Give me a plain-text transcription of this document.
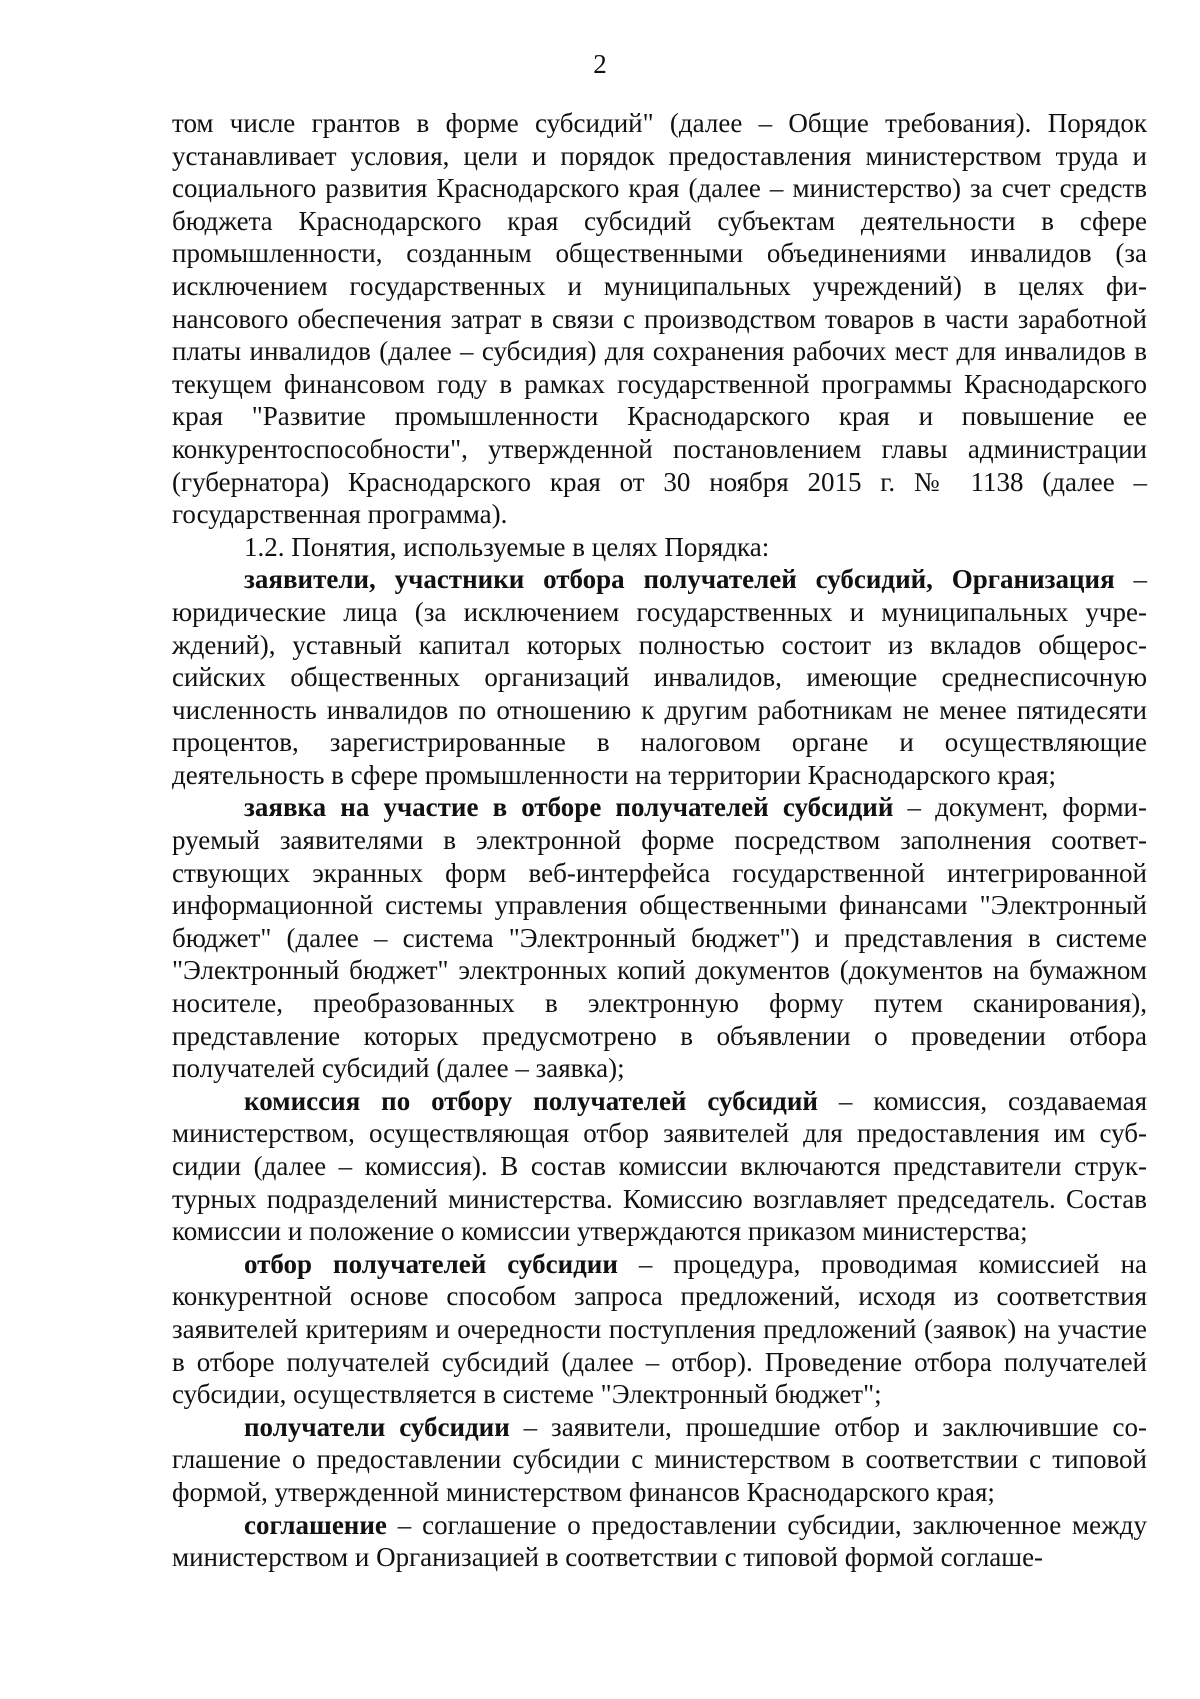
2

том числе грантов в форме субсидий" (далее – Общие требования). Порядок устанавливает условия, цели и порядок предоставления министерством труда и социального развития Краснодарского края (далее – министерство) за счет средств бюджета Краснодарского края субсидий субъектам деятельности в сфере промышленности, созданным общественными объединениями инвалидов (за исключением государственных и муниципальных учреждений) в целях финансового обеспечения затрат в связи с производством товаров в части заработной платы инвалидов (далее – субсидия) для сохранения рабочих мест для инвалидов в текущем финансовом году в рамках государственной программы Краснодарского края "Развитие промышленности Краснодарского края и повышение ее конкурентоспособности", утвержденной постановлением главы администрации (губернатора) Краснодарского края от 30 ноября 2015 г. № 1138 (далее – государственная программа).

1.2. Понятия, используемые в целях Порядка:

заявители, участники отбора получателей субсидий, Организация – юридические лица (за исключением государственных и муниципальных учреждений), уставный капитал которых полностью состоит из вкладов общероссийских общественных организаций инвалидов, имеющие среднесписочную численность инвалидов по отношению к другим работникам не менее пятидесяти процентов, зарегистрированные в налоговом органе и осуществляющие деятельность в сфере промышленности на территории Краснодарского края;

заявка на участие в отборе получателей субсидий – документ, формируемый заявителями в электронной форме посредством заполнения соответствующих экранных форм веб-интерфейса государственной интегрированной информационной системы управления общественными финансами "Электронный бюджет" (далее – система "Электронный бюджет") и представления в системе "Электронный бюджет" электронных копий документов (документов на бумажном носителе, преобразованных в электронную форму путем сканирования), представление которых предусмотрено в объявлении о проведении отбора получателей субсидий (далее – заявка);

комиссия по отбору получателей субсидий – комиссия, создаваемая министерством, осуществляющая отбор заявителей для предоставления им субсидии (далее – комиссия). В состав комиссии включаются представители структурных подразделений министерства. Комиссию возглавляет председатель. Состав комиссии и положение о комиссии утверждаются приказом министерства;

отбор получателей субсидии – процедура, проводимая комиссией на конкурентной основе способом запроса предложений, исходя из соответствия заявителей критериям и очередности поступления предложений (заявок) на участие в отборе получателей субсидий (далее – отбор). Проведение отбора получателей субсидии, осуществляется в системе "Электронный бюджет";

получатели субсидии – заявители, прошедшие отбор и заключившие соглашение о предоставлении субсидии с министерством в соответствии с типовой формой, утвержденной министерством финансов Краснодарского края;

соглашение – соглашение о предоставлении субсидии, заключенное между министерством и Организацией в соответствии с типовой формой соглаше-
